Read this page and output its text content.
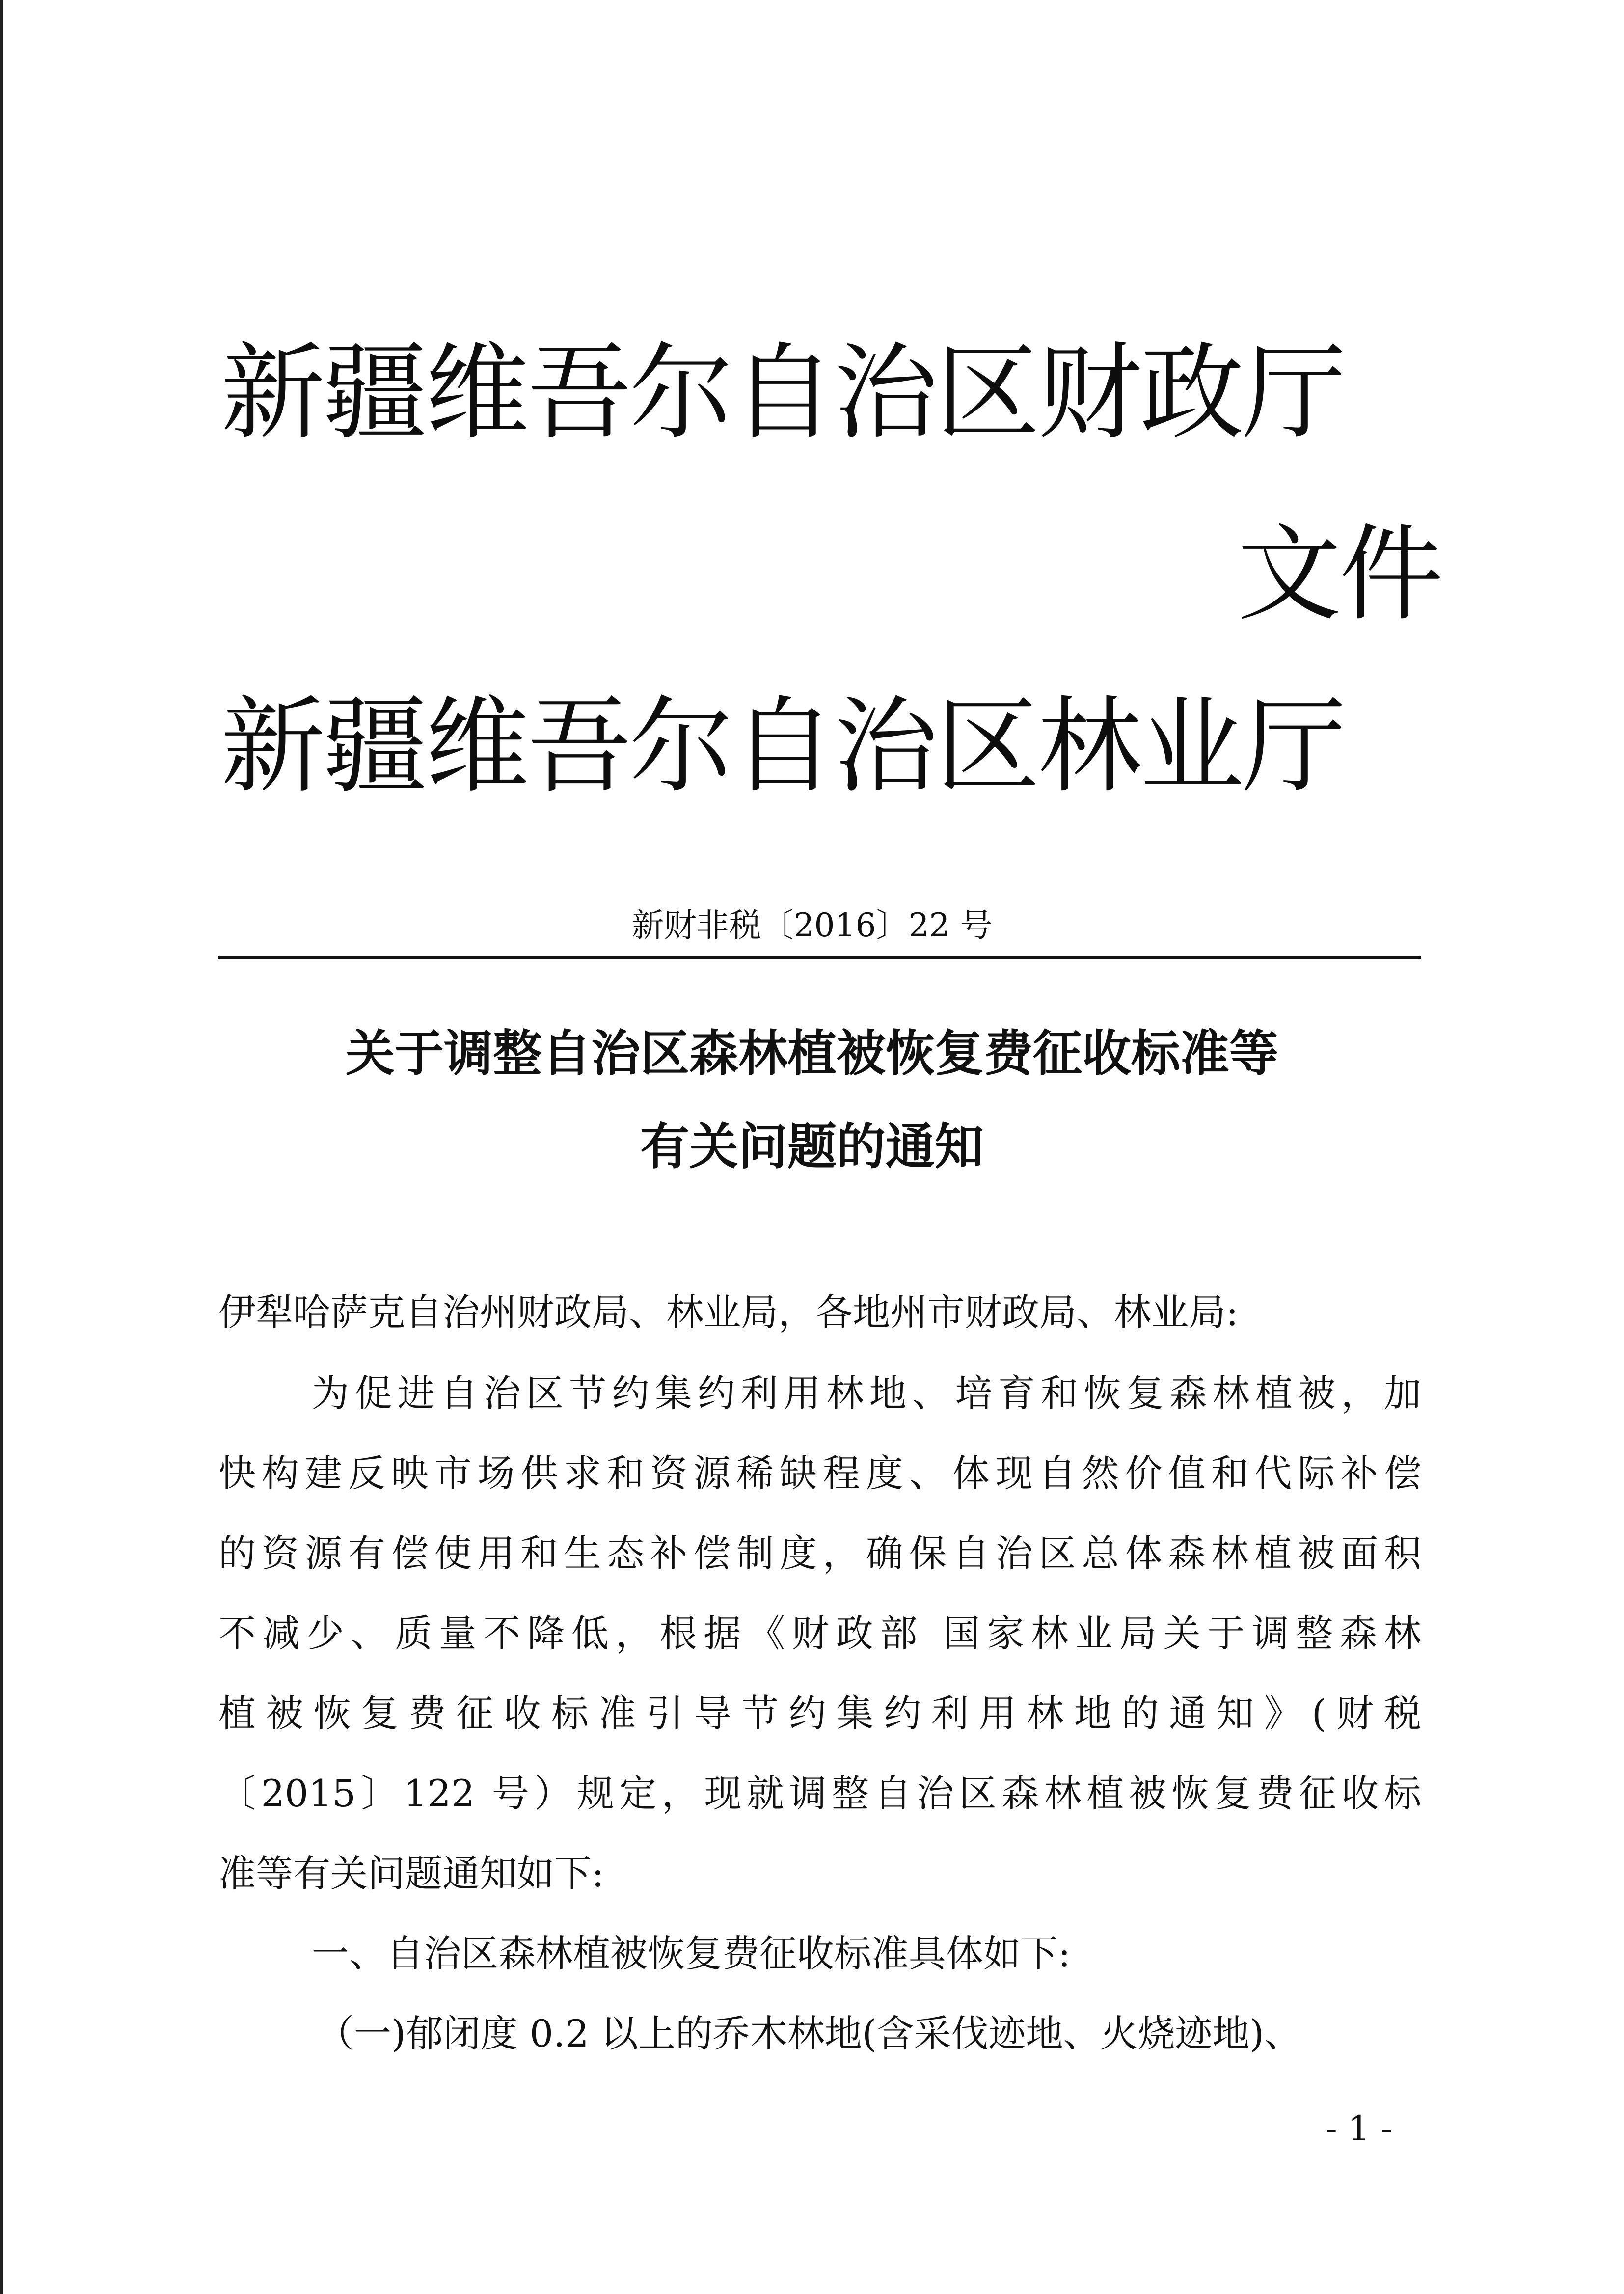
新疆维吾尔自治区财政厅
文件
新疆维吾尔自治区林业厅
新财非税〔2016〕22 号
关于调整自治区森林植被恢复费征收标准等
有关问题的通知
伊犁哈萨克自治州财政局、林业局，各地州市财政局、林业局:
为促进自治区节约集约利用林地、培育和恢复森林植被，加
快构建反映市场供求和资源稀缺程度、体现自然价值和代际补偿
的资源有偿使用和生态补偿制度，确保自治区总体森林植被面积
不减少、质量不降低，根据《财政部 国家林业局关于调整森林
植被恢复费征收标准引导节约集约利用林地的通知》(财税
〔2015〕122 号）规定，现就调整自治区森林植被恢复费征收标
准等有关问题通知如下:
一、自治区森林植被恢复费征收标准具体如下:
（一)郁闭度 0.2 以上的乔木林地(含采伐迹地、火烧迹地)、
- 1 -
